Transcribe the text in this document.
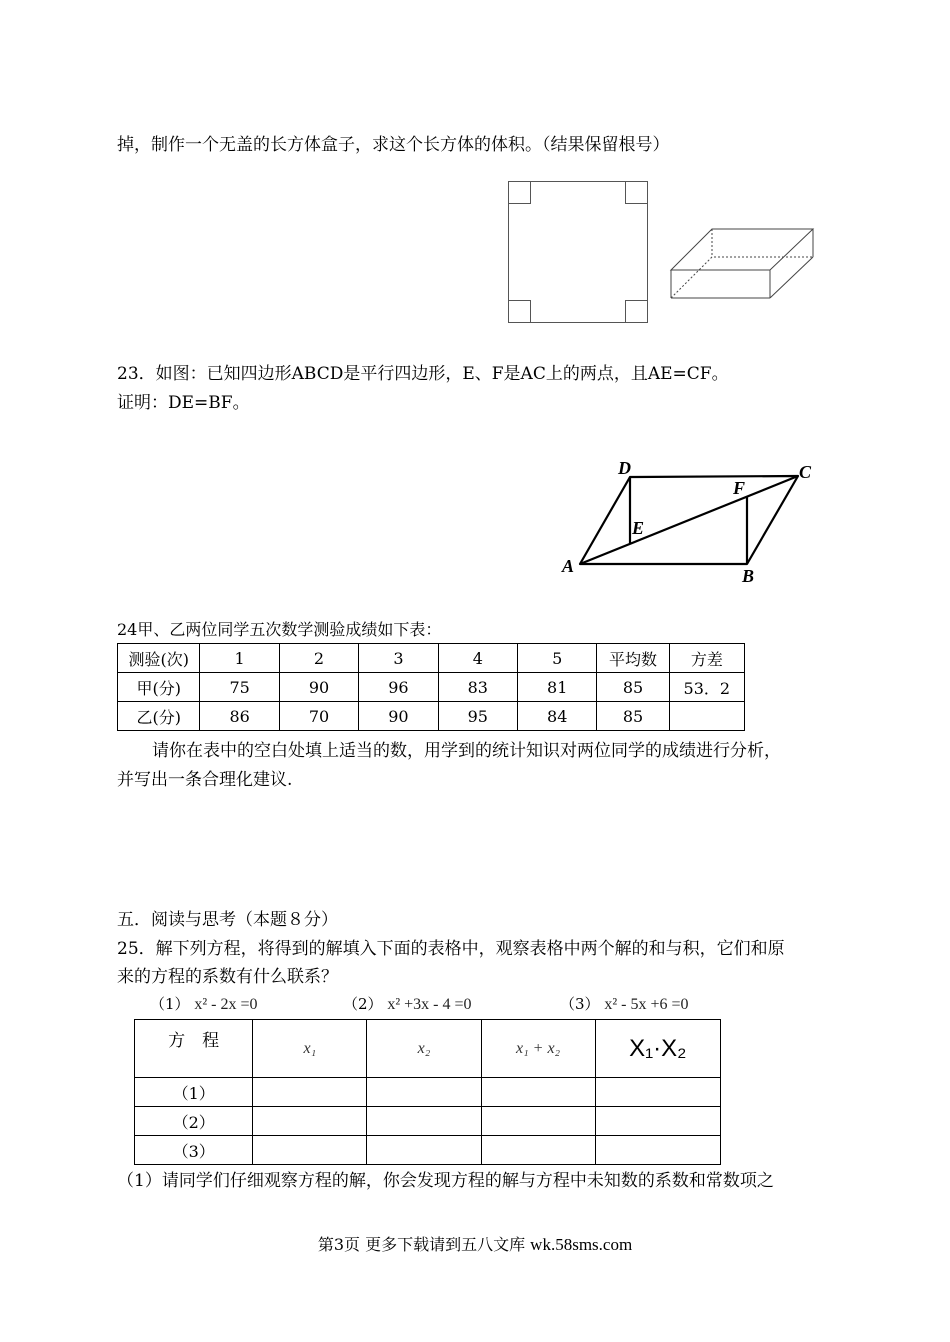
掉，制作一个无盖的长方体盒子，求这个长方体的体积。（结果保留根号）
23．如图：已知四边形ABCD是平行四边形，E、F是AC上的两点，且AE=CF。
证明：DE=BF。
A	B
C
D
E
F
24甲、乙两位同学五次数学测验成绩如下表：
测验(次)	1	2	3	4	5	平均数	方差
甲(分)	75	90	96	83	81	85	53．2
乙(分)	86	70	90	95	84	85	
请你在表中的空白处填上适当的数，用学到的统计知识对两位同学的成绩进行分析，
并写出一条合理化建议.
五．阅读与思考（本题８分）
25．解下列方程，将得到的解填入下面的表格中，观察表格中两个解的和与积，它们和原
来的方程的系数有什么联系？
（1） x² - 2x =0	（2） x² +3x - 4 =0	（3） x² - 5x +6 =0
方　程	x₁	x₂	x₁ + x₂	X₁·X₂
（1）				
（2）				
（3）				
（1）请同学们仔细观察方程的解，你会发现方程的解与方程中未知数的系数和常数项之
第3页 更多下载请到五八文库 wk.58sms.com
